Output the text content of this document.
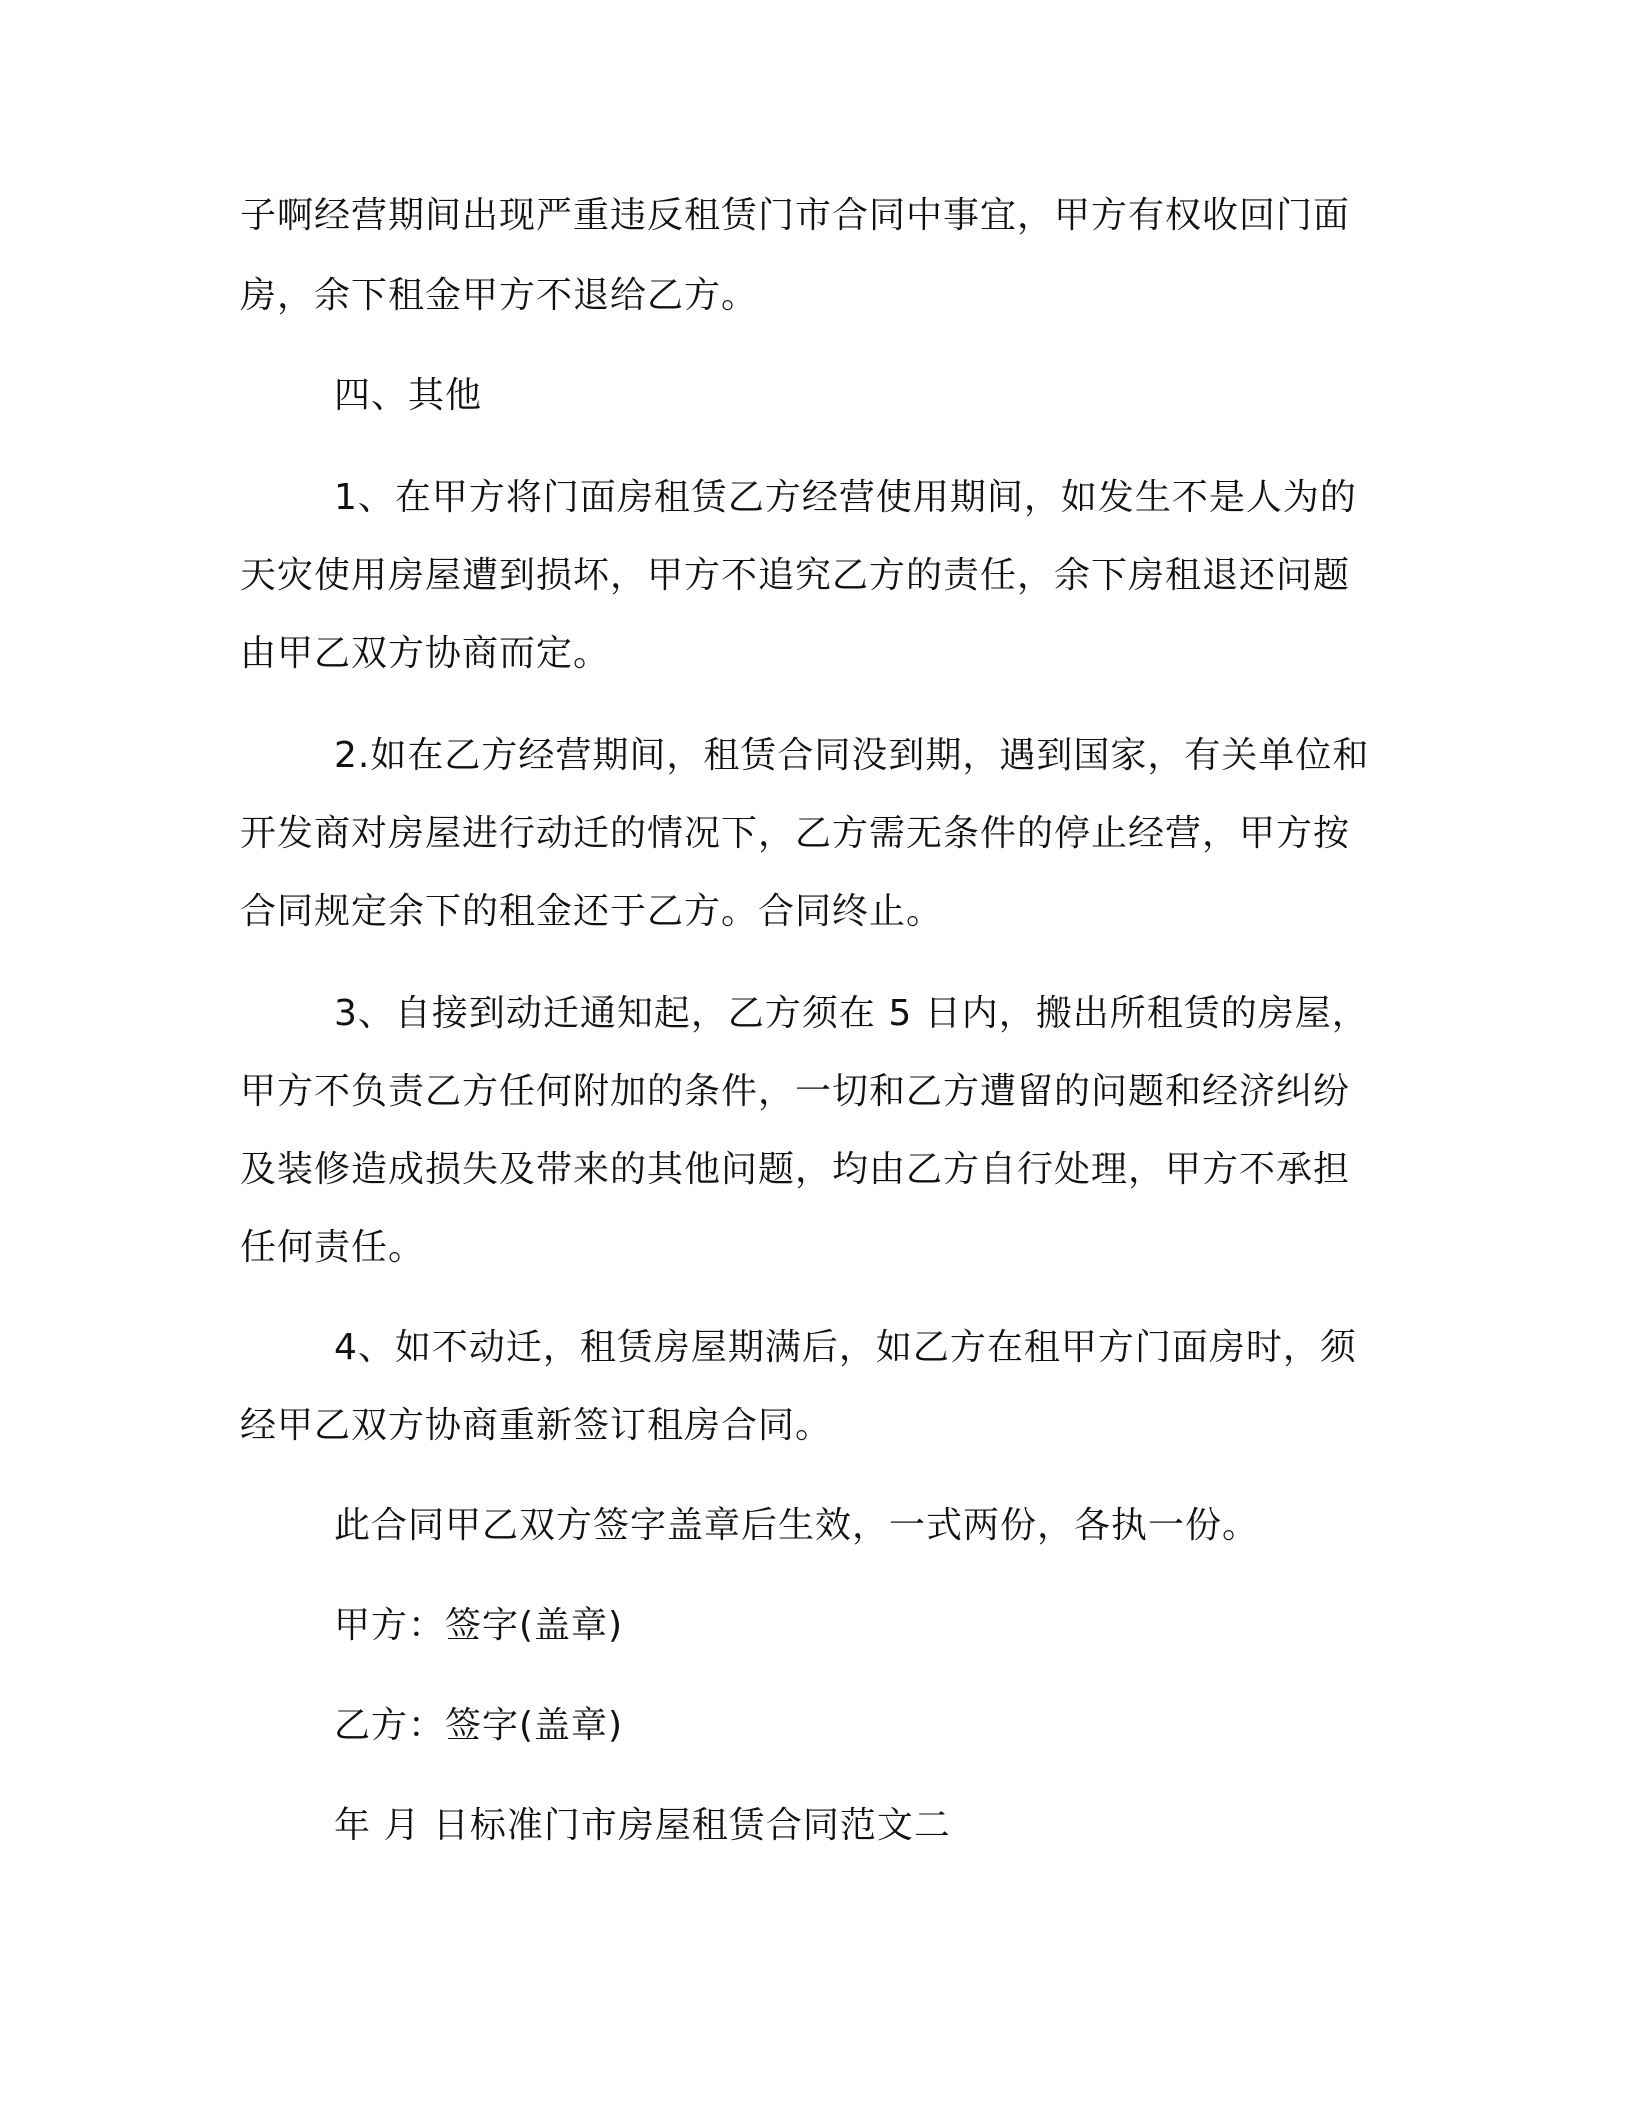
子啊经营期间出现严重违反租赁门市合同中事宜，甲方有权收回门面
房，余下租金甲方不退给乙方。
四、其他
1、在甲方将门面房租赁乙方经营使用期间，如发生不是人为的
天灾使用房屋遭到损坏，甲方不追究乙方的责任，余下房租退还问题
由甲乙双方协商而定。
2.如在乙方经营期间，租赁合同没到期，遇到国家，有关单位和
开发商对房屋进行动迁的情况下，乙方需无条件的停止经营，甲方按
合同规定余下的租金还于乙方。合同终止。
3、自接到动迁通知起，乙方须在 5 日内，搬出所租赁的房屋，
甲方不负责乙方任何附加的条件，一切和乙方遭留的问题和经济纠纷
及装修造成损失及带来的其他问题，均由乙方自行处理，甲方不承担
任何责任。
4、如不动迁，租赁房屋期满后，如乙方在租甲方门面房时，须
经甲乙双方协商重新签订租房合同。
此合同甲乙双方签字盖章后生效，一式两份，各执一份。
甲方：签字(盖章)
乙方：签字(盖章)
年 月 日标准门市房屋租赁合同范文二
